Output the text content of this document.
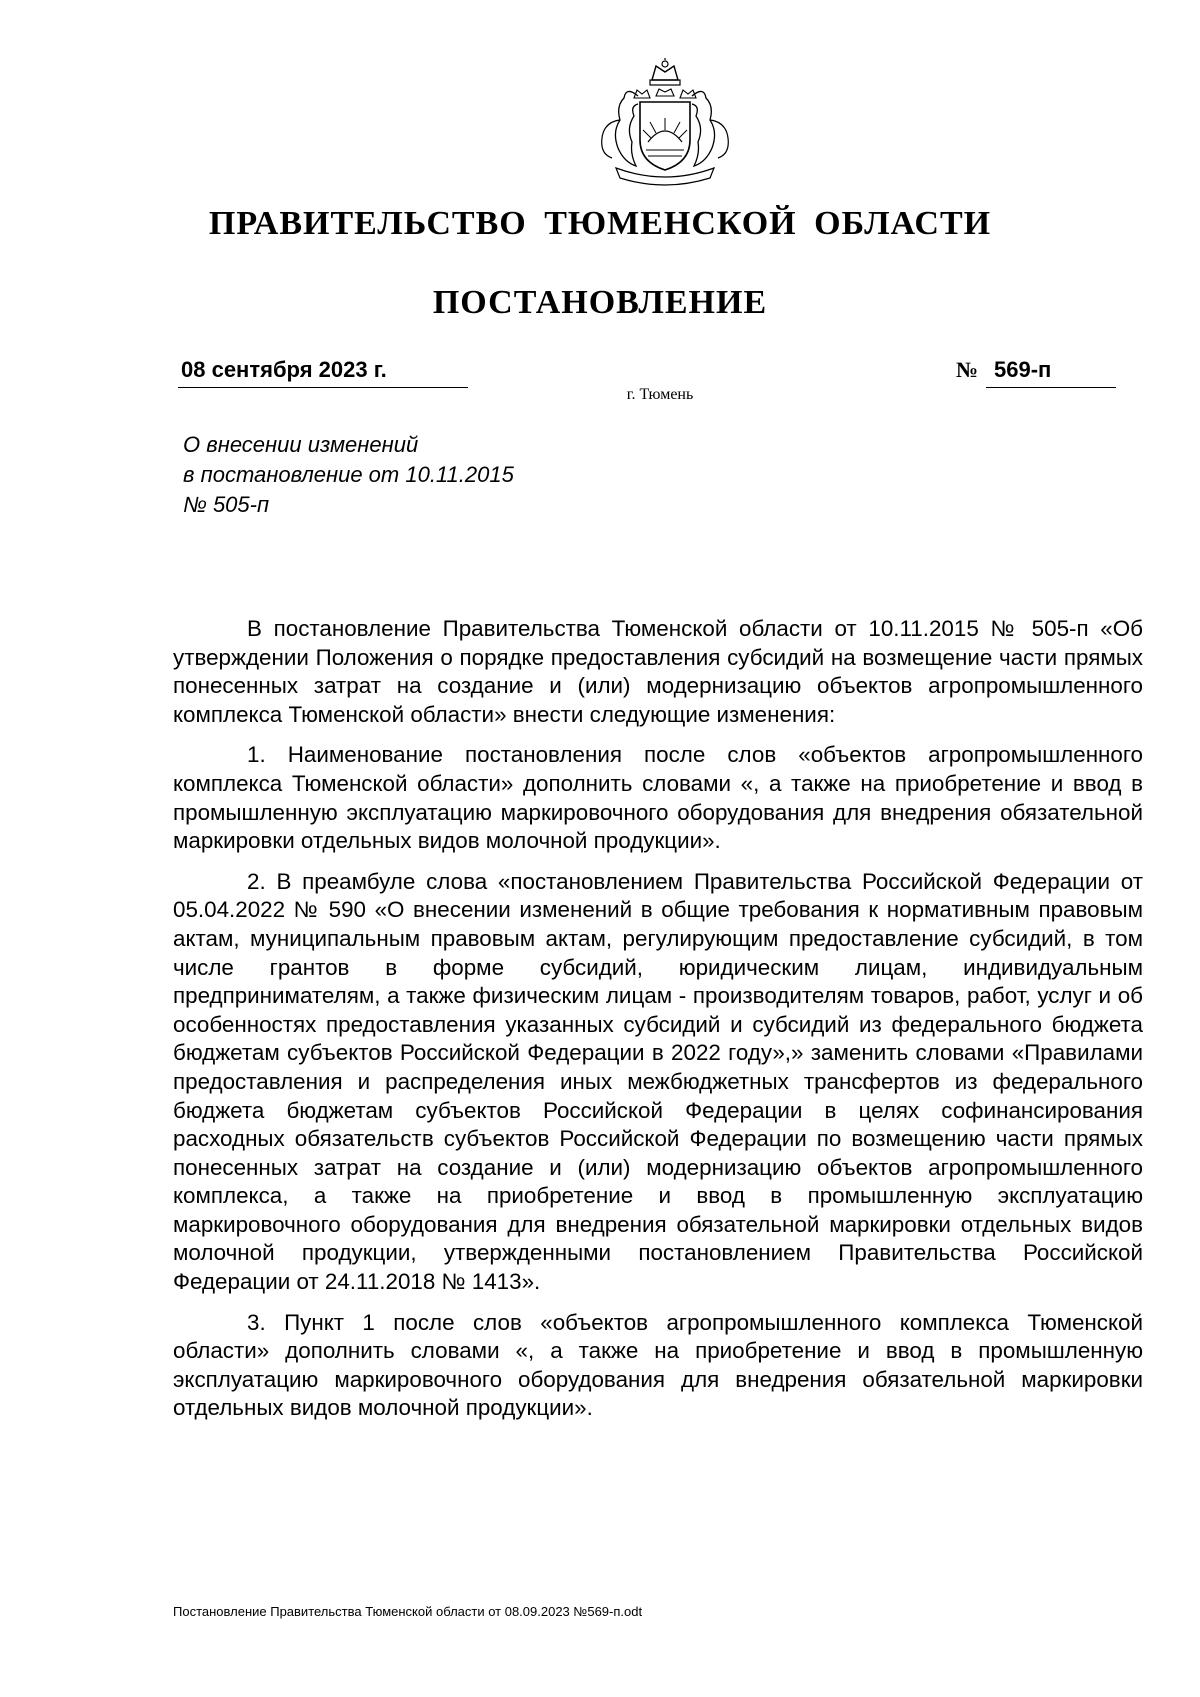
ПРАВИТЕЛЬСТВО ТЮМЕНСКОЙ ОБЛАСТИ
ПОСТАНОВЛЕНИЕ
08 сентября 2023 г.	№ 569-п
г. Тюмень
О внесении изменений
в постановление от 10.11.2015
№ 505-п

В постановление Правительства Тюменской области от 10.11.2015 № 505-п «Об утверждении Положения о порядке предоставления субсидий на возмещение части прямых понесенных затрат на создание и (или) модернизацию объектов агропромышленного комплекса Тюменской области» внести следующие изменения:

1. Наименование постановления после слов «объектов агропромышленного комплекса Тюменской области» дополнить словами «, а также на приобретение и ввод в промышленную эксплуатацию маркировочного оборудования для внедрения обязательной маркировки отдельных видов молочной продукции».

2. В преамбуле слова «постановлением Правительства Российской Федерации от 05.04.2022 № 590 «О внесении изменений в общие требования к нормативным правовым актам, муниципальным правовым актам, регулирующим предоставление субсидий, в том числе грантов в форме субсидий, юридическим лицам, индивидуальным предпринимателям, а также физическим лицам - производителям товаров, работ, услуг и об особенностях предоставления указанных субсидий и субсидий из федерального бюджета бюджетам субъектов Российской Федерации в 2022 году»,» заменить словами «Правилами предоставления и распределения иных межбюджетных трансфертов из федерального бюджета бюджетам субъектов Российской Федерации в целях софинансирования расходных обязательств субъектов Российской Федерации по возмещению части прямых понесенных затрат на создание и (или) модернизацию объектов агропромышленного комплекса, а также на приобретение и ввод в промышленную эксплуатацию маркировочного оборудования для внедрения обязательной маркировки отдельных видов молочной продукции, утвержденными постановлением Правительства Российской Федерации от 24.11.2018 № 1413».

3. Пункт 1 после слов «объектов агропромышленного комплекса Тюменской области» дополнить словами «, а также на приобретение и ввод в промышленную эксплуатацию маркировочного оборудования для внедрения обязательной маркировки отдельных видов молочной продукции».

Постановление Правительства Тюменской области от 08.09.2023 №569-п.odt
